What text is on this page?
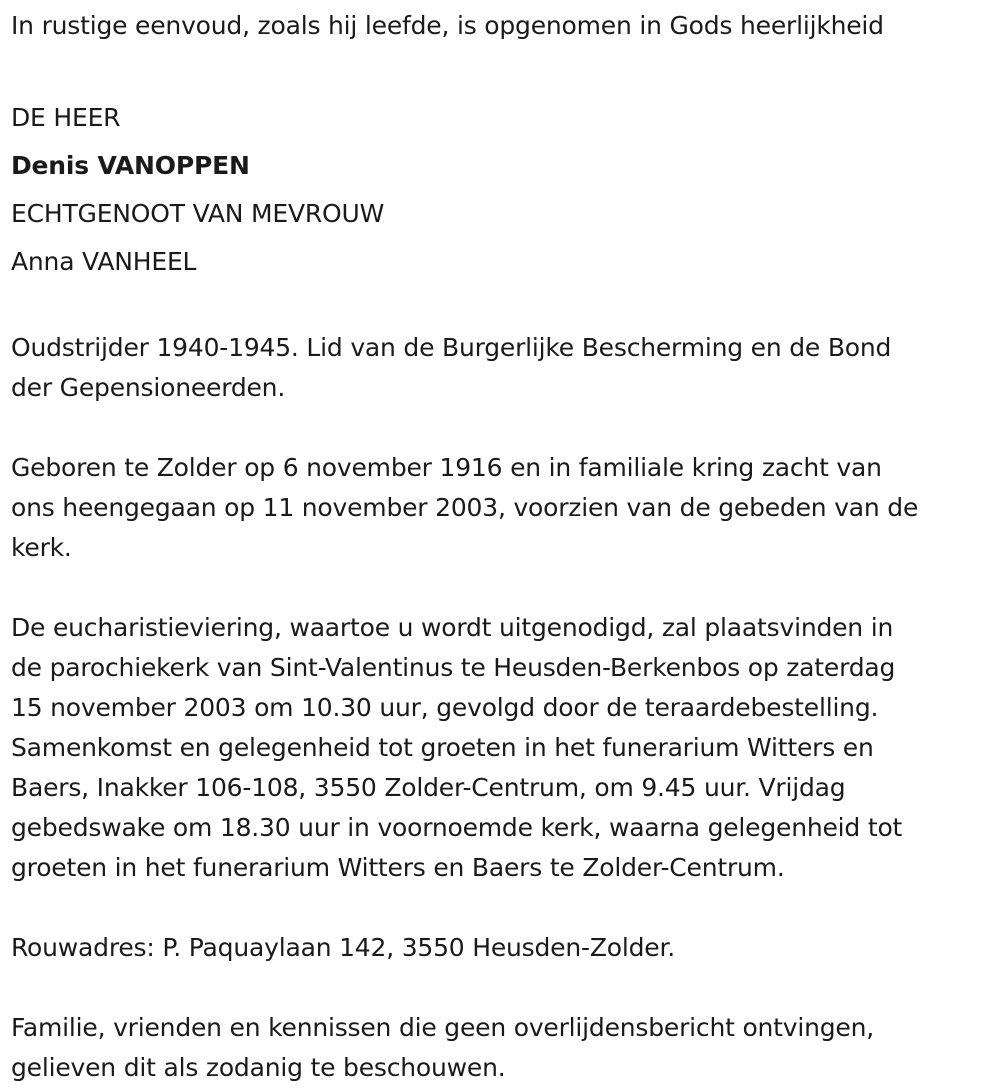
In rustige eenvoud, zoals hij leefde, is opgenomen in Gods heerlijkheid
DE HEER
Denis VANOPPEN
ECHTGENOOT VAN MEVROUW
Anna VANHEEL
Oudstrijder 1940-1945. Lid van de Burgerlijke Bescherming en de Bond
der Gepensioneerden.
Geboren te Zolder op 6 november 1916 en in familiale kring zacht van
ons heengegaan op 11 november 2003, voorzien van de gebeden van de
kerk.
De eucharistieviering, waartoe u wordt uitgenodigd, zal plaatsvinden in
de parochiekerk van Sint-Valentinus te Heusden-Berkenbos op zaterdag
15 november 2003 om 10.30 uur, gevolgd door de teraardebestelling.
Samenkomst en gelegenheid tot groeten in het funerarium Witters en
Baers, Inakker 106-108, 3550 Zolder-Centrum, om 9.45 uur. Vrijdag
gebedswake om 18.30 uur in voornoemde kerk, waarna gelegenheid tot
groeten in het funerarium Witters en Baers te Zolder-Centrum.
Rouwadres: P. Paquaylaan 142, 3550 Heusden-Zolder.
Familie, vrienden en kennissen die geen overlijdensbericht ontvingen,
gelieven dit als zodanig te beschouwen.
